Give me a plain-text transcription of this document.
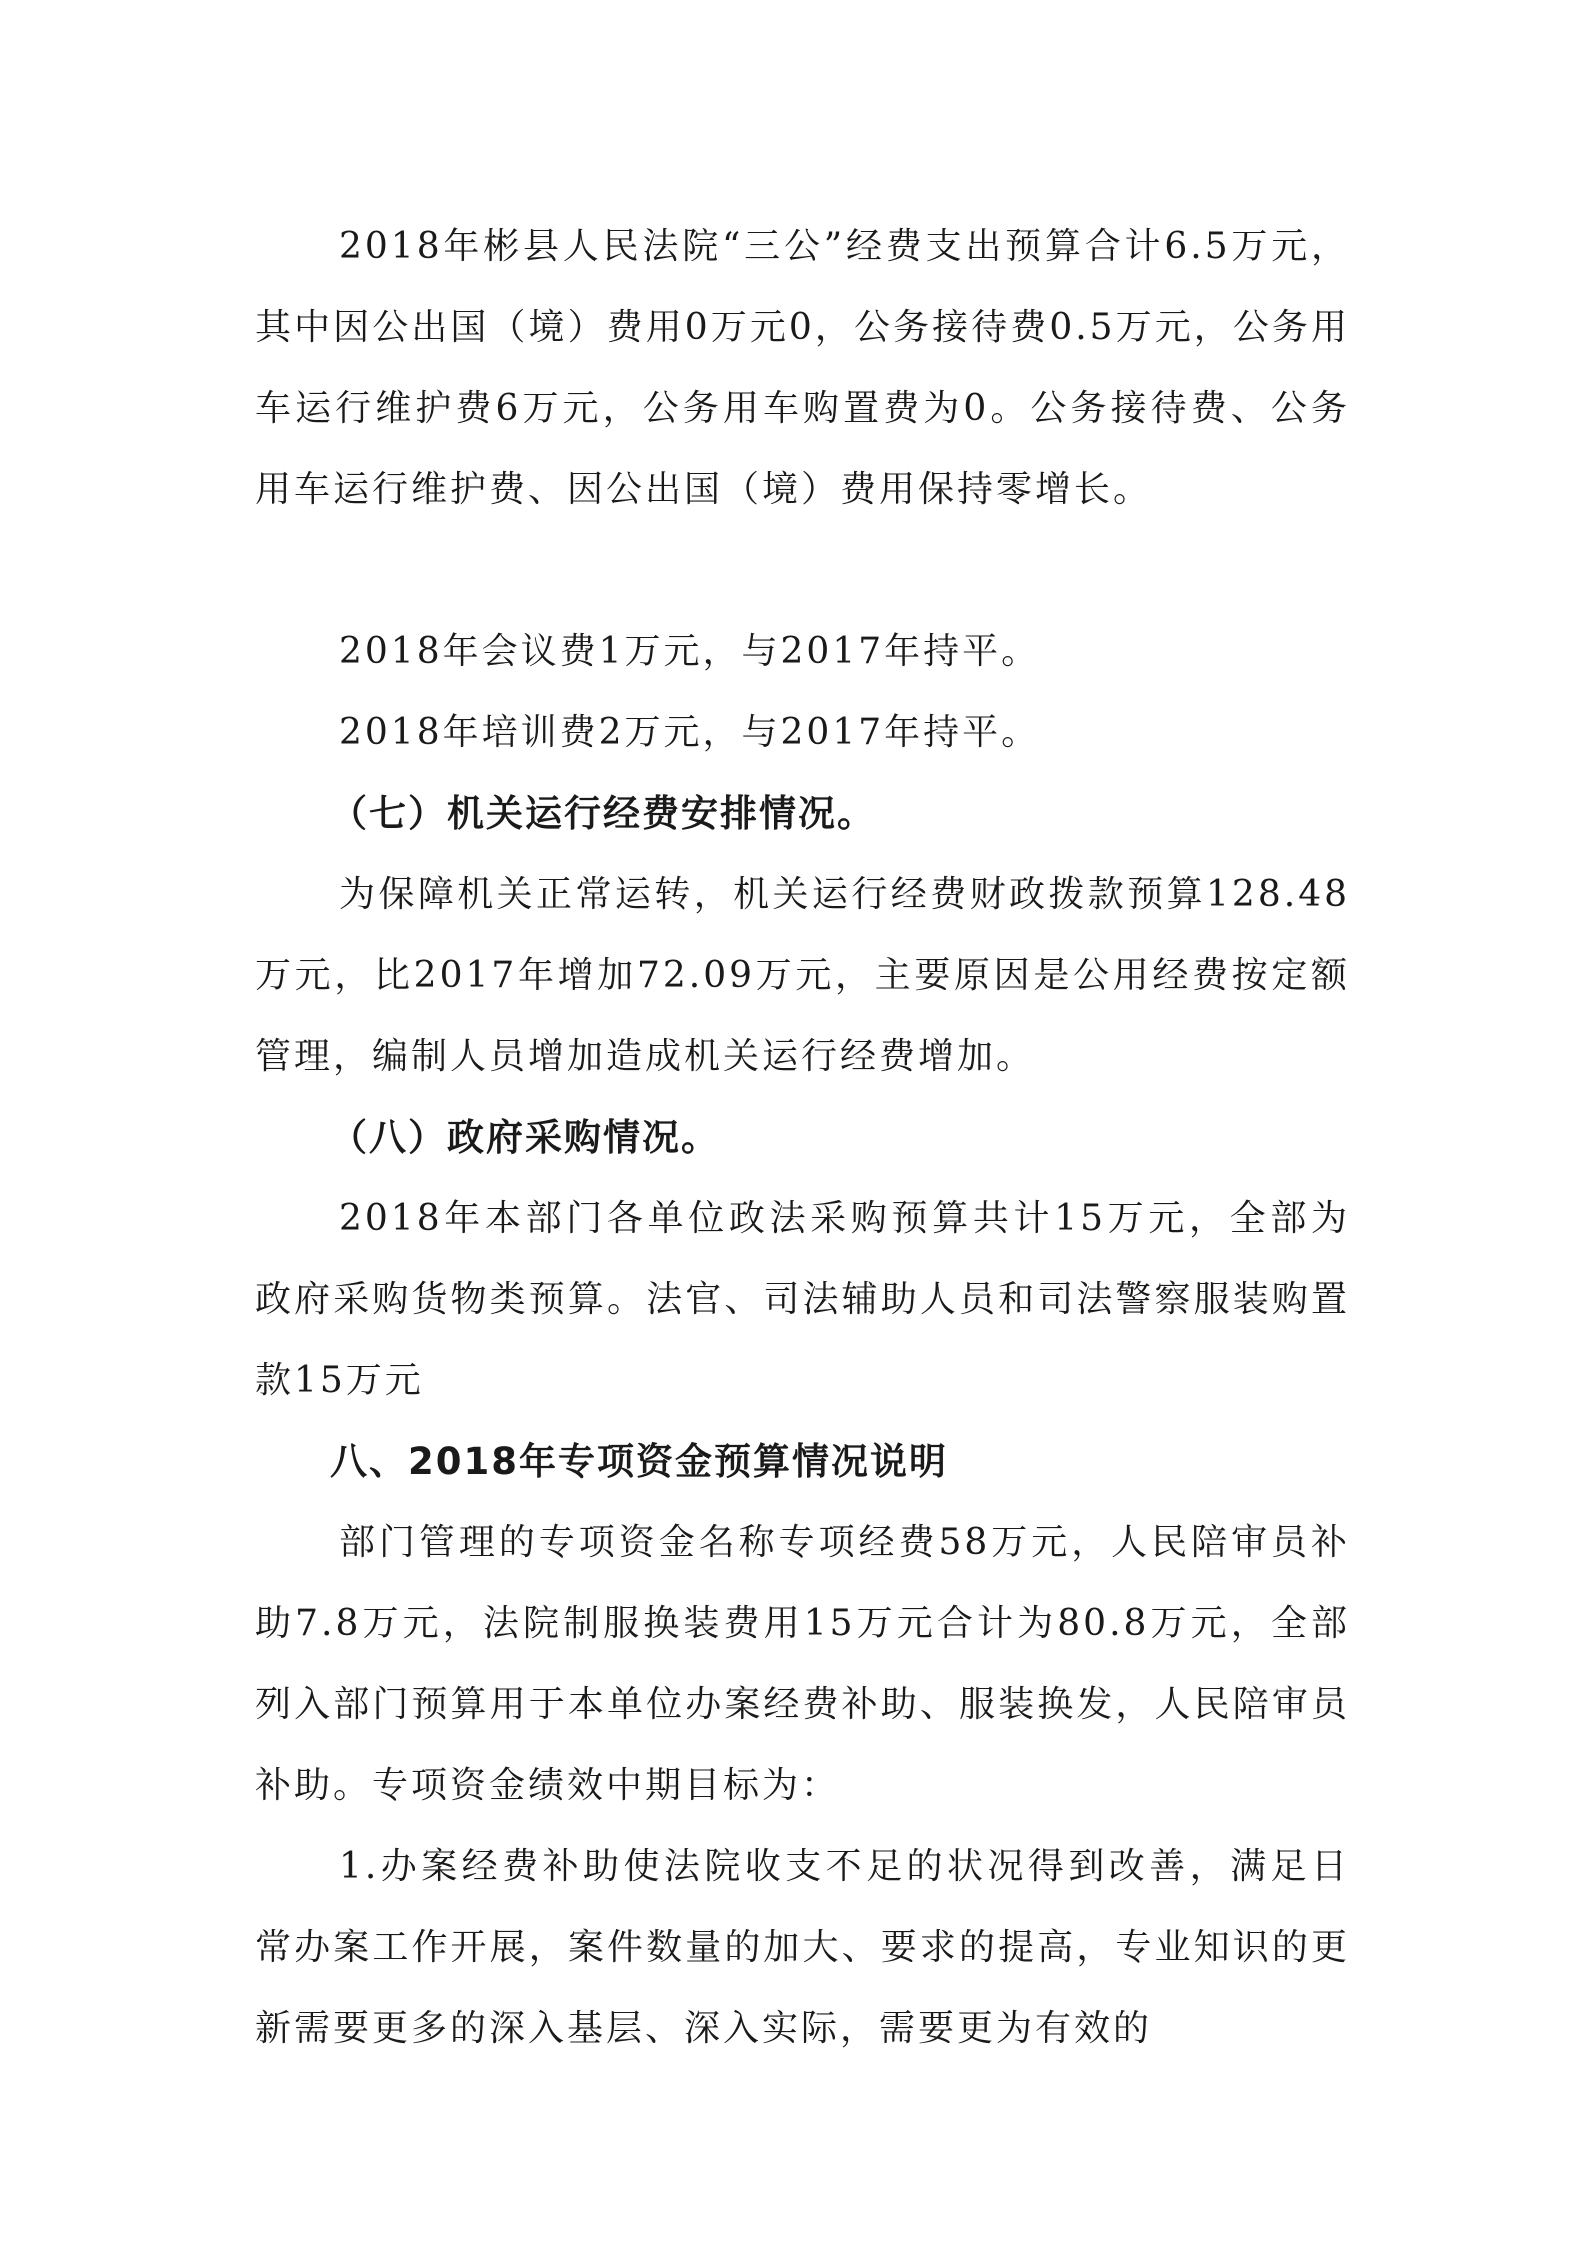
2018年彬县人民法院“三公”经费支出预算合计6.5万元，其中因公出国（境）费用0万元0，公务接待费0.5万元，公务用车运行维护费6万元，公务用车购置费为0。公务接待费、公务用车运行维护费、因公出国（境）费用保持零增长。

2018年会议费1万元，与2017年持平。

2018年培训费2万元，与2017年持平。

（七）机关运行经费安排情况。

为保障机关正常运转，机关运行经费财政拨款预算128.48万元，比2017年增加72.09万元，主要原因是公用经费按定额管理，编制人员增加造成机关运行经费增加。

（八）政府采购情况。

2018年本部门各单位政法采购预算共计15万元，全部为政府采购货物类预算。法官、司法辅助人员和司法警察服装购置款15万元

八、2018年专项资金预算情况说明

部门管理的专项资金名称专项经费58万元，人民陪审员补助7.8万元，法院制服换装费用15万元合计为80.8万元，全部列入部门预算用于本单位办案经费补助、服装换发，人民陪审员补助。专项资金绩效中期目标为：

1.办案经费补助使法院收支不足的状况得到改善，满足日常办案工作开展，案件数量的加大、要求的提高，专业知识的更新需要更多的深入基层、深入实际，需要更为有效的
